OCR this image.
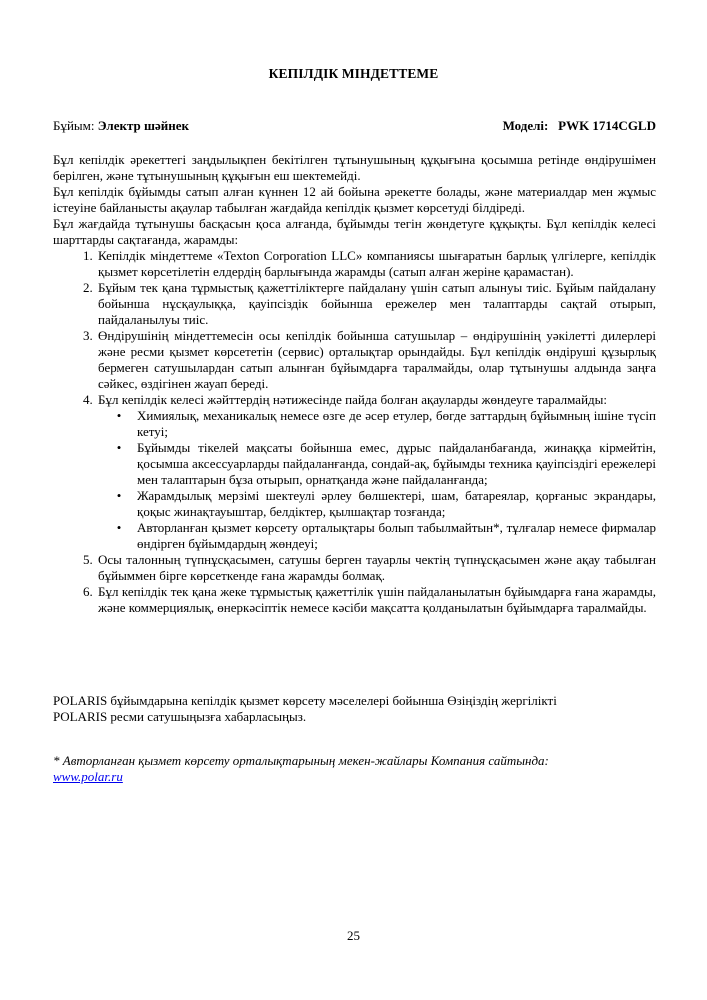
КЕПІЛДІК МІНДЕТТЕМЕ
Бұйым: Электр шәйнек	Моделі: PWK 1714CGLD

Бұл кепілдік әрекеттегі заңдылықпен бекітілген тұтынушының құқығына қосымша ретінде өндірушімен берілген, және тұтынушының құқығын еш шектемейді.

Бұл кепілдік бұйымды сатып алған күннен 12 ай бойына әрекетте болады, және материалдар мен жұмыс істеуіне байланысты ақаулар табылған жағдайда кепілдік қызмет көрсетуді білдіреді.

Бұл жағдайда тұтынушы басқасын қоса алғанда, бұйымды тегін жөндетуге құқықты. Бұл кепілдік келесі шарттарды сақтағанда, жарамды:

1. Кепілдік міндеттеме «Texton Corporation LLC» компаниясы шығаратын барлық үлгілерге, кепілдік қызмет көрсетілетін елдердің барлығында жарамды (сатып алған жеріне қарамастан).
2. Бұйым тек қана тұрмыстық қажеттіліктерге пайдалану үшін сатып алынуы тиіс. Бұйым пайдалану бойынша нұсқаулыққа, қауіпсіздік бойынша ережелер мен талаптарды сақтай отырып, пайдаланылуы тиіс.
3. Өндірушінің міндеттемесін осы кепілдік бойынша сатушылар – өндірушінің уәкілетті дилерлері және ресми қызмет көрсететін (сервис) орталықтар орындайды. Бұл кепілдік өндіруші құзырлық бермеген сатушылардан сатып алынған бұйымдарға таралмайды, олар тұтынушы алдында заңға сәйкес, өздігінен жауап береді.
4. Бұл кепілдік келесі жәйттердің нәтижесінде пайда болған ақауларды жөндеуге таралмайды:
• Химиялық, механикалық немесе өзге де әсер етулер, бөгде заттардың бұйымның ішіне түсіп кетуі;
• Бұйымды тікелей мақсаты бойынша емес, дұрыс пайдаланбағанда, жинаққа кірмейтін, қосымша аксессуарларды пайдаланғанда, сондай-ақ, бұйымды техника қауіпсіздігі ережелері мен талаптарын бұза отырып, орнатқанда және пайдаланғанда;
• Жарамдылық мерзімі шектеулі әрлеу бөлшектері, шам, батареялар, қорғаныс экрандары, қоқыс жинақтауыштар, белдіктер, қылшақтар тозғанда;
• Авторланған қызмет көрсету орталықтары болып табылмайтын*, тұлғалар немесе фирмалар өндірген бұйымдардың жөндеуі;
5. Осы талонның түпнұсқасымен, сатушы берген тауарлы чектің түпнұсқасымен және ақау табылған бұйыммен бірге көрсеткенде ғана жарамды болмақ.
6. Бұл кепілдік тек қана жеке тұрмыстық қажеттілік үшін пайдаланылатын бұйымдарға ғана жарамды, және коммерциялық, өнеркәсіптік немесе кәсіби мақсатта қолданылатын бұйымдарға таралмайды.
POLARIS бұйымдарына кепілдік қызмет көрсету мәселелері бойынша Өзіңіздің жергілікті
POLARIS ресми сатушыңызға хабарласыңыз.
* Авторланған қызмет көрсету орталықтарының мекен-жайлары Компания сайтында:
www.polar.ru
25
